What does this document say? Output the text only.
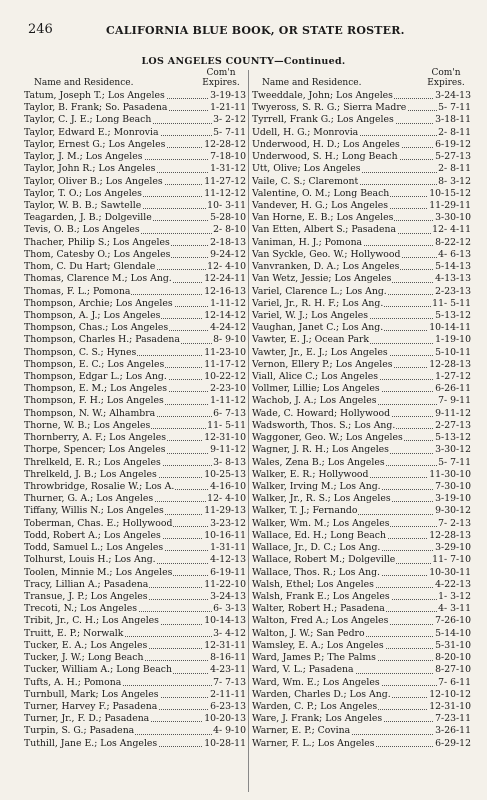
246	CALIFORNIA BLUE BOOK, OR STATE ROSTER.
LOS ANGELES COUNTY—Continued.
Name and Residence.
Com'n
Expires.	Name and Residence.
Com'n
Expires.
Tatum, Joseph T.; Los Angeles	3-19-13
Taylor, B. Frank; So. Pasadena	1-21-11
Taylor, C. J. E.; Long Beach	3- 2-12
Taylor, Edward E.; Monrovia	5- 7-11
Taylor, Ernest G.; Los Angeles	12-28-12
Taylor, J. M.; Los Angeles	7-18-10
Taylor, John R.; Los Angeles	1-31-12
Taylor, Oliver B.; Los Angeles	11-27-12
Taylor, T. O.; Los Angeles	11-12-12
Taylor, W. B. B.; Sawtelle	10- 3-11
Teagarden, J. B.; Dolgeville	5-28-10
Tevis, O. B.; Los Angeles	2- 8-10
Thacher, Philip S.; Los Angeles	2-18-13
Thom, Catesby O.; Los Angeles	9-24-12
Thom, C. Du Hart; Glendale	12- 4-10
Thomas, Clarence M.; Los Ang.	12-24-11
Thomas, F. L.; Pomona	12-16-13
Thompson, Archie; Los Angeles	1-11-12
Thompson, A. J.; Los Angeles	12-14-12
Thompson, Chas.; Los Angeles	4-24-12
Thompson, Charles H.; Pasadena	8- 9-10
Thompson, C. S.; Hynes	11-23-10
Thompson, E. C.; Los Angeles	11-17-12
Thompson, Edgar L.; Los Ang.	10-22-12
Thompson, E. M.; Los Angeles	2-23-10
Thompson, F. H.; Los Angeles	1-11-12
Thompson, N. W.; Alhambra	6- 7-13
Thorne, W. B.; Los Angeles	11- 5-11
Thornberry, A. F.; Los Angeles	12-31-10
Thorpe, Spencer; Los Angeles	9-11-12
Threlkeld, E. R.; Los Angeles	3- 8-13
Threlkeld, J. B.; Los Angeles	10-25-13
Throwbridge, Rosalie W.; Los A.	4-16-10
Thurner, G. A.; Los Angeles	12- 4-10
Tiffany, Willis N.; Los Angeles	11-29-13
Toberman, Chas. E.; Hollywood	3-23-12
Todd, Robert A.; Los Angeles	10-16-11
Todd, Samuel L.; Los Angeles	1-31-11
Tolhurst, Louis H.; Los Ang.	4-12-13
Toolen, Minnie M.; Los Angeles	6-19-11
Tracy, Lillian A.; Pasadena	11-22-10
Transue, J. P.; Los Angeles	3-24-13
Trecoti, N.; Los Angeles	6- 3-13
Tribit, Jr., C. H.; Los Angeles	10-14-13
Truitt, E. P.; Norwalk	3- 4-12
Tucker, E. A.; Los Angeles	12-31-11
Tucker, J. W.; Long Beach	8-16-11
Tucker, William A.; Long Beach	4-23-11
Tufts, A. H.; Pomona	7- 7-13
Turnbull, Mark; Los Angeles	2-11-11
Turner, Harvey F.; Pasadena	6-23-13
Turner, Jr., F. D.; Pasadena	10-20-13
Turpin, S. G.; Pasadena	4- 9-10
Tuthill, Jane E.; Los Angeles	10-28-11
Tweeddale, John; Los Angeles	3-24-13
Twyeross, S. R. G.; Sierra Madre	5- 7-11
Tyrrell, Frank G.; Los Angeles	3-18-11
Udell, H. G.; Monrovia	2- 8-11
Underwood, H. D.; Los Angeles	6-19-12
Underwood, S. H.; Long Beach	5-27-13
Utt, Olive; Los Angeles	2- 8-11
Vaile, C. S.; Claremont	8- 3-12
Valentine, O. M.; Long Beach	10-15-12
Vandever, H. G.; Los Angeles	11-29-11
Van Horne, E. B.; Los Angeles	3-30-10
Van Etten, Albert S.; Pasadena	12- 4-11
Vaniman, H. J.; Pomona	8-22-12
Van Syckle, Geo. W.; Hollywood	4- 6-13
Vanvranken, D. A.; Los Angeles	5-14-13
Van Wetz, Jessie; Los Angeles	4-13-13
Variel, Clarence L.; Los Ang.	2-23-13
Variel, Jr., R. H. F.; Los Ang.	11- 5-11
Variel, W. J.; Los Angeles	5-13-12
Vaughan, Janet C.; Los Ang.	10-14-11
Vawter, E. J.; Ocean Park	1-19-10
Vawter, Jr., E. J.; Los Angeles	5-10-11
Vernon, Ellery P.; Los Angeles	12-28-13
Viall, Alice C.; Los Angeles	1-27-12
Vollmer, Lillie; Los Angeles	6-26-11
Wachob, J. A.; Los Angeles	7- 9-11
Wade, C. Howard; Hollywood	9-11-12
Wadsworth, Thos. S.; Los Ang.	2-27-13
Waggoner, Geo. W.; Los Angeles	5-13-12
Wagner, J. R. H.; Los Angeles	3-30-12
Wales, Zena B.; Los Angeles	5- 7-11
Walker, E. R.; Hollywood	11-30-10
Walker, Irving M.; Los Ang.	7-30-10
Walker, Jr., R. S.; Los Angeles	3-19-10
Walker, T. J.; Fernando	9-30-12
Walker, Wm. M.; Los Angeles	7- 2-13
Wallace, Ed. H.; Long Beach	12-28-13
Wallace, Jr., D. C.; Los Ang.	3-29-10
Wallace, Robert M.; Dolgeville	11- 7-10
Wallace, Thos. R.; Los Ang.	10-30-11
Walsh, Ethel; Los Angeles	4-22-13
Walsh, Frank E.; Los Angeles	1- 3-12
Walter, Robert H.; Pasadena	4- 3-11
Walton, Fred A.; Los Angeles	7-26-10
Walton, J. W.; San Pedro	5-14-10
Wamsley, E. A.; Los Angeles	5-31-10
Ward, James P.; The Palms	8-20-10
Ward, V. L.; Pasadena	8-27-10
Ward, Wm. E.; Los Angeles	7- 6-11
Warden, Charles D.; Los Ang.	12-10-12
Warden, C. P.; Los Angeles	12-31-10
Ware, J. Frank; Los Angeles	7-23-11
Warner, E. P.; Covina	3-26-11
Warner, F. L.; Los Angeles	6-29-12
